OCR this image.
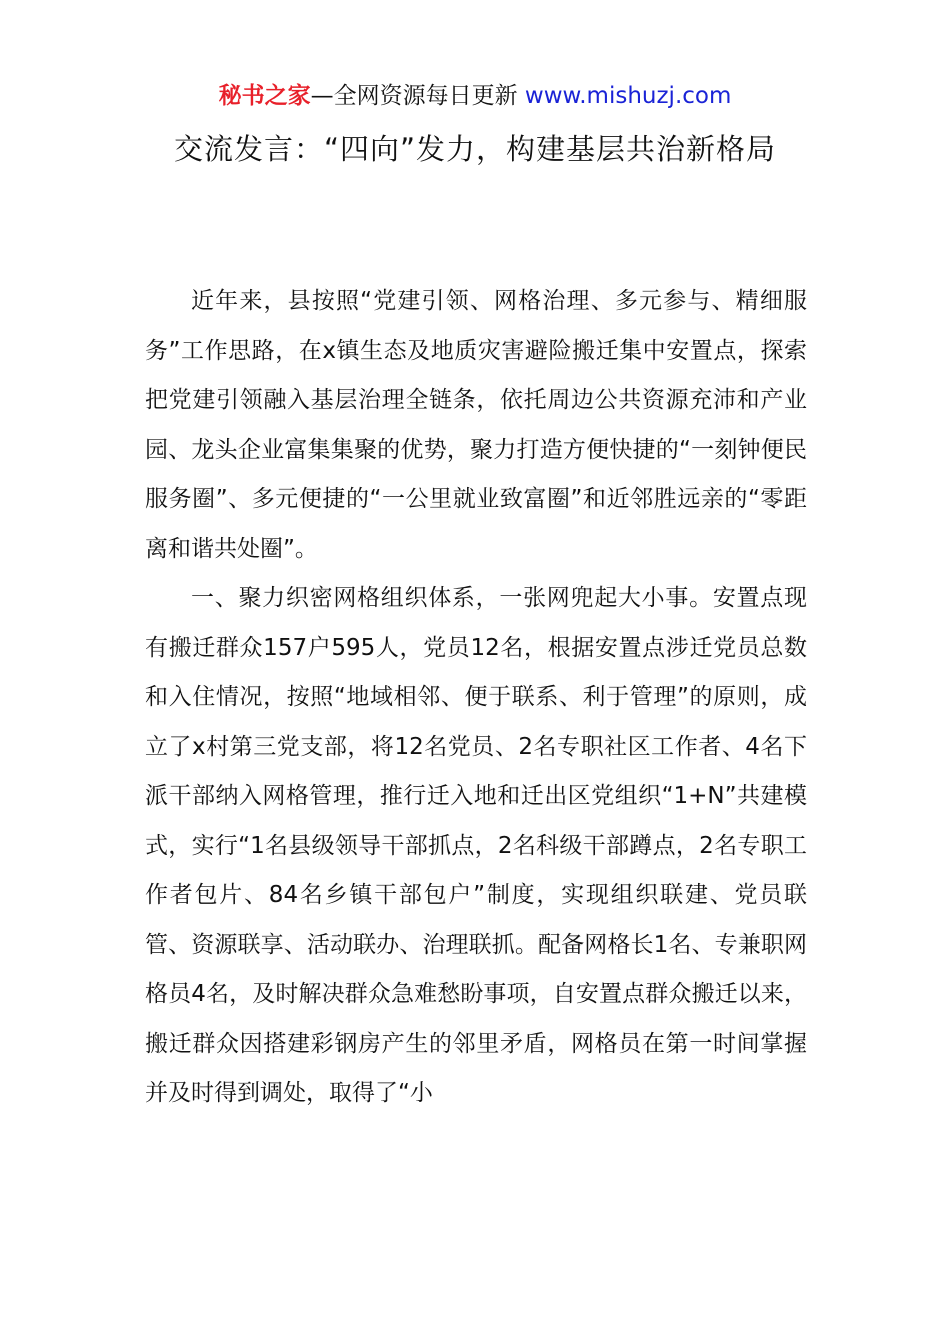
秘书之家—全网资源每日更新 www.mishuzj.com
交流发言：“四向”发力，构建基层共治新格局

近年来，县按照“党建引领、网格治理、多元参与、精细服务”工作思路，在x镇生态及地质灾害避险搬迁集中安置点，探索把党建引领融入基层治理全链条，依托周边公共资源充沛和产业园、龙头企业富集集聚的优势，聚力打造方便快捷的“一刻钟便民服务圈”、多元便捷的“一公里就业致富圈”和近邻胜远亲的“零距离和谐共处圈”。

一、聚力织密网格组织体系，一张网兜起大小事。安置点现有搬迁群众157户595人，党员12名，根据安置点涉迁党员总数和入住情况，按照“地域相邻、便于联系、利于管理”的原则，成立了x村第三党支部，将12名党员、2名专职社区工作者、4名下派干部纳入网格管理，推行迁入地和迁出区党组织“1+N”共建模式，实行“1名县级领导干部抓点，2名科级干部蹲点，2名专职工作者包片、84名乡镇干部包户”制度，实现组织联建、党员联管、资源联享、活动联办、治理联抓。配备网格长1名、专兼职网格员4名，及时解决群众急难愁盼事项，自安置点群众搬迁以来，搬迁群众因搭建彩钢房产生的邻里矛盾，网格员在第一时间掌握并及时得到调处，取得了“小
